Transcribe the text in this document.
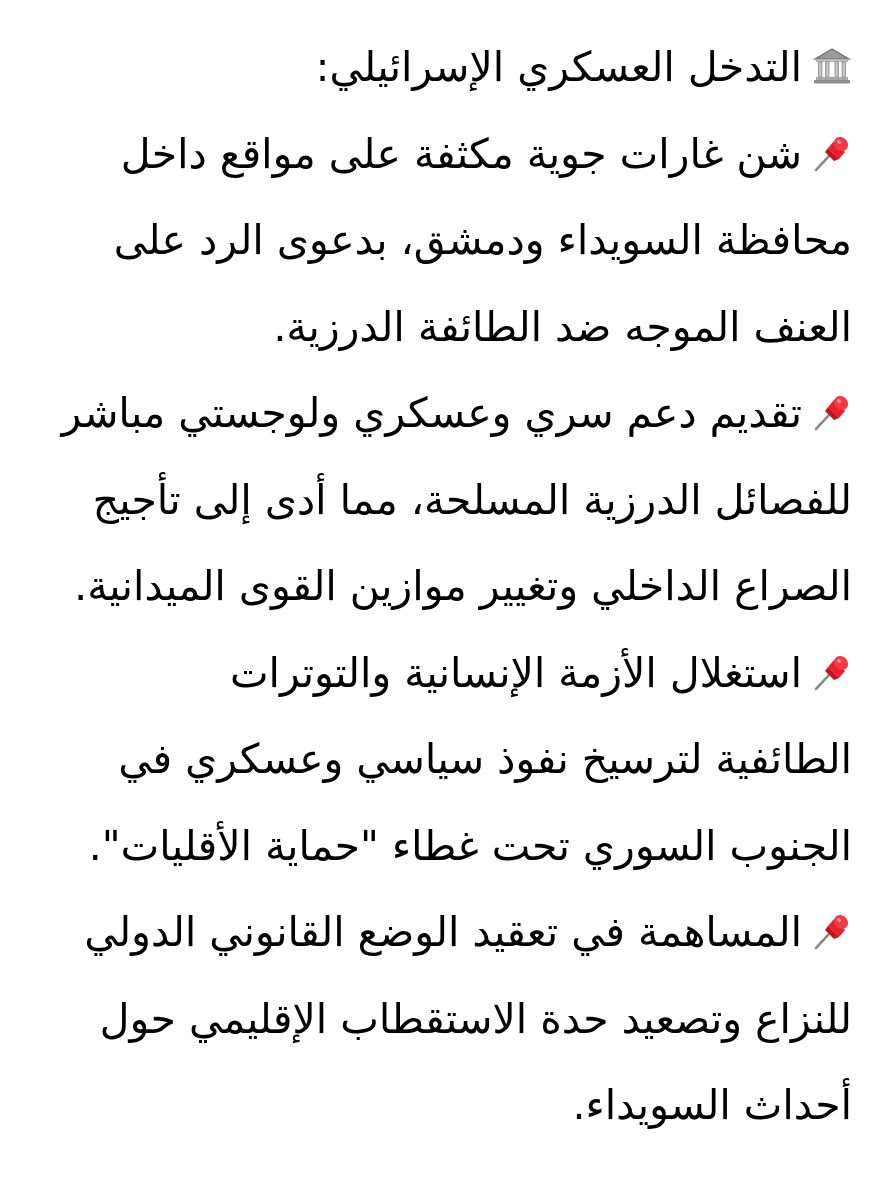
التدخل العسكري الإسرائيلي:
شن غارات جوية مكثفة على مواقع داخل
محافظة السويداء ودمشق، بدعوى الرد على
العنف الموجه ضد الطائفة الدرزية.
تقديم دعم سري وعسكري ولوجستي مباشر
للفصائل الدرزية المسلحة، مما أدى إلى تأجيج
الصراع الداخلي وتغيير موازين القوى الميدانية.
استغلال الأزمة الإنسانية والتوترات
الطائفية لترسيخ نفوذ سياسي وعسكري في
الجنوب السوري تحت غطاء "حماية الأقليات".
المساهمة في تعقيد الوضع القانوني الدولي
للنزاع وتصعيد حدة الاستقطاب الإقليمي حول
أحداث السويداء.
